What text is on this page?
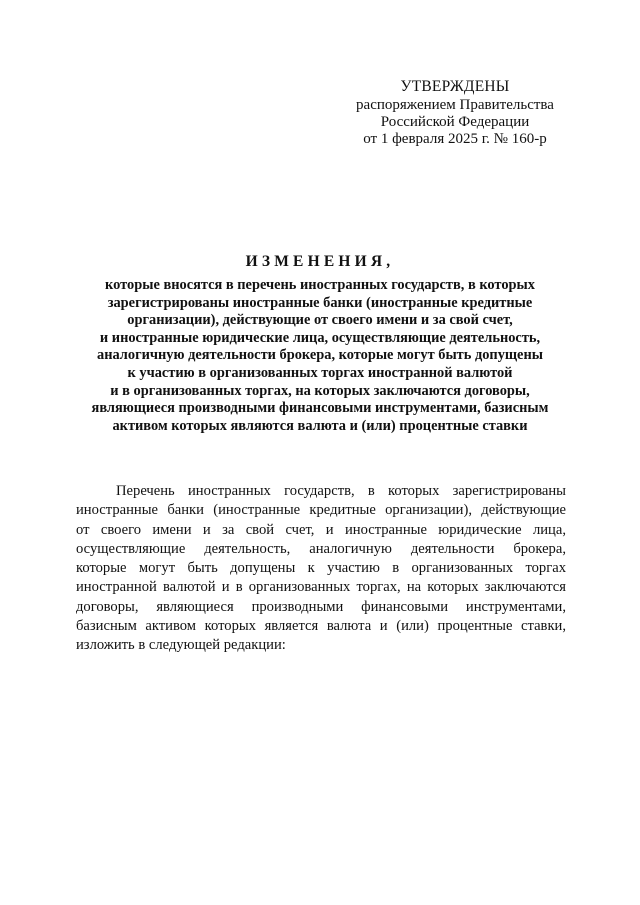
УТВЕРЖДЕНЫ
распоряжением Правительства
Российской Федерации
от 1 февраля 2025 г. № 160-р
ИЗМЕНЕНИЯ,
которые вносятся в перечень иностранных государств, в которых
зарегистрированы иностранные банки (иностранные кредитные
организации), действующие от своего имени и за свой счет,
и иностранные юридические лица, осуществляющие деятельность,
аналогичную деятельности брокера, которые могут быть допущены
к участию в организованных торгах иностранной валютой
и в организованных торгах, на которых заключаются договоры,
являющиеся производными финансовыми инструментами, базисным
активом которых являются валюта и (или) процентные ставки
Перечень иностранных государств, в которых зарегистрированы
иностранные банки (иностранные кредитные организации), действующие
от своего имени и за свой счет, и иностранные юридические лица,
осуществляющие деятельность, аналогичную деятельности брокера,
которые могут быть допущены к участию в организованных торгах
иностранной валютой и в организованных торгах, на которых заключаются
договоры, являющиеся производными финансовыми инструментами,
базисным активом которых является валюта и (или) процентные ставки,
изложить в следующей редакции:
